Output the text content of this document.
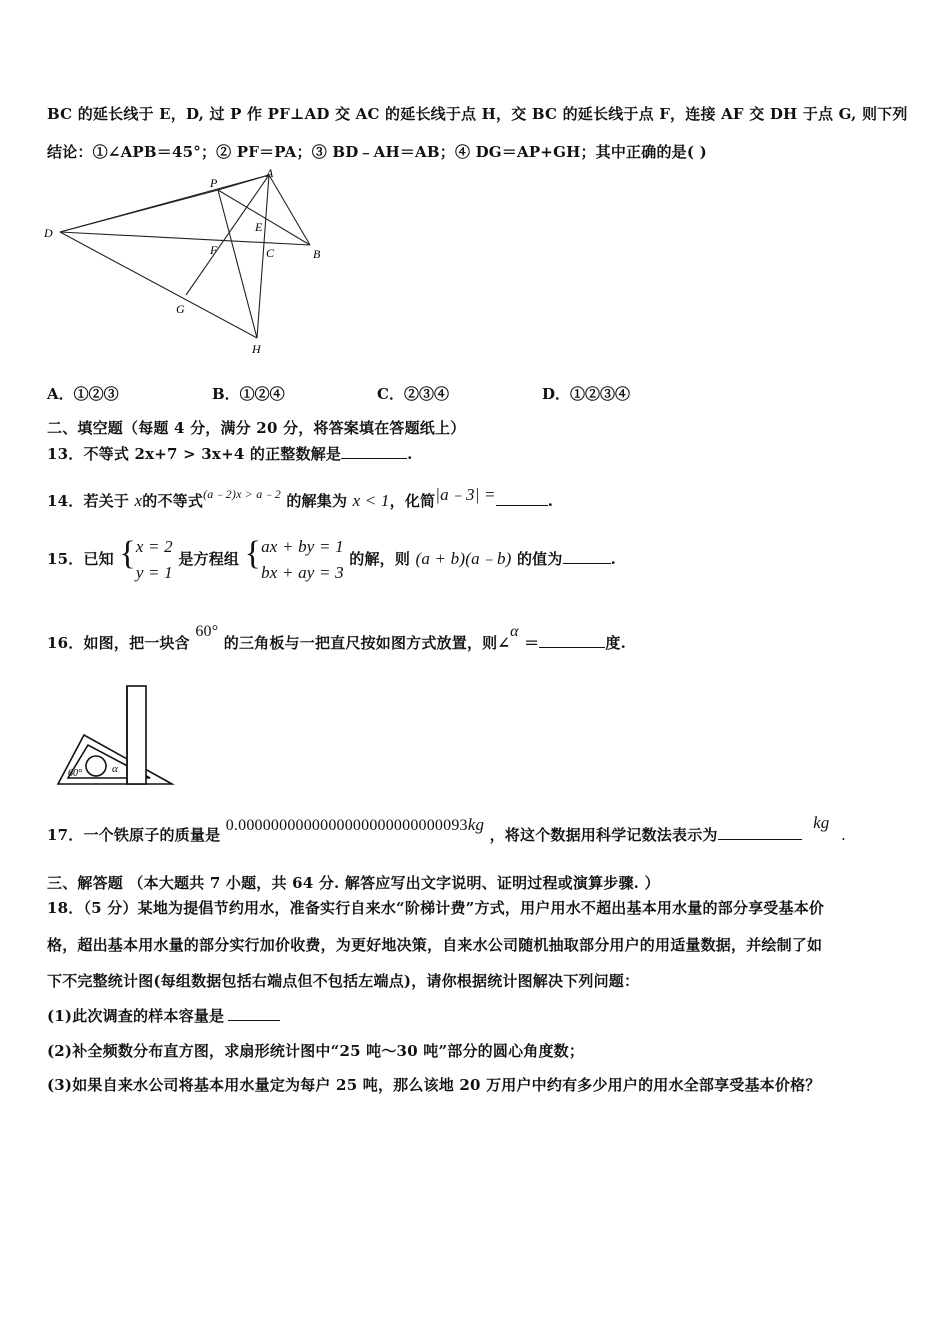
BC 的延长线于 E，D, 过 P 作 PF⊥AD 交 AC 的延长线于点 H，交 BC 的延长线于点 F，连接 AF 交 DH 于点 G, 则下列
结论：①∠APB＝45°；② PF＝PA；③ BD﹣AH＝AB；④ DG＝AP+GH；其中正确的是( )
P
A
D	E
F	C	B
G
H
A．①②③	B．①②④	C．②③④	D．①②③④
二、填空题（每题 4 分，满分 20 分，将答案填在答题纸上）
13．不等式 2x+7 > 3x+4 的正整数解是	.
14．若关于 x的不等式$^{(a﹣2)x > a﹣2}$ 的解集为 x < 1，化简|a﹣3| =	.
15．已知 {x = 2
y = 1 是方程组 {ax + by = 1
bx + ay = 3 的解，则 (a + b)(a﹣b) 的值为	.
16．如图，把一块含 60° 的三角板与一把直尺按如图方式放置，则∠α ＝	度.
60°	α
17．一个铁原子的质量是 0.0000000000000000000000000093kg ，将这个数据用科学记数法表示为 kg .
三、解答题 （本大题共 7 小题，共 64 分. 解答应写出文字说明、证明过程或演算步骤. ）
18．（5 分）某地为提倡节约用水，准备实行自来水“阶梯计费”方式，用户用水不超出基本用水量的部分享受基本价
格，超出基本用水量的部分实行加价收费，为更好地决策，自来水公司随机抽取部分用户的用适量数据，并绘制了如
下不完整统计图(每组数据包括右端点但不包括左端点)，请你根据统计图解决下列问题：
(1)此次调查的样本容量是
(2)补全频数分布直方图，求扇形统计图中“25 吨～30 吨”部分的圆心角度数；
(3)如果自来水公司将基本用水量定为每户 25 吨，那么该地 20 万用户中约有多少用户的用水全部享受基本价格？
